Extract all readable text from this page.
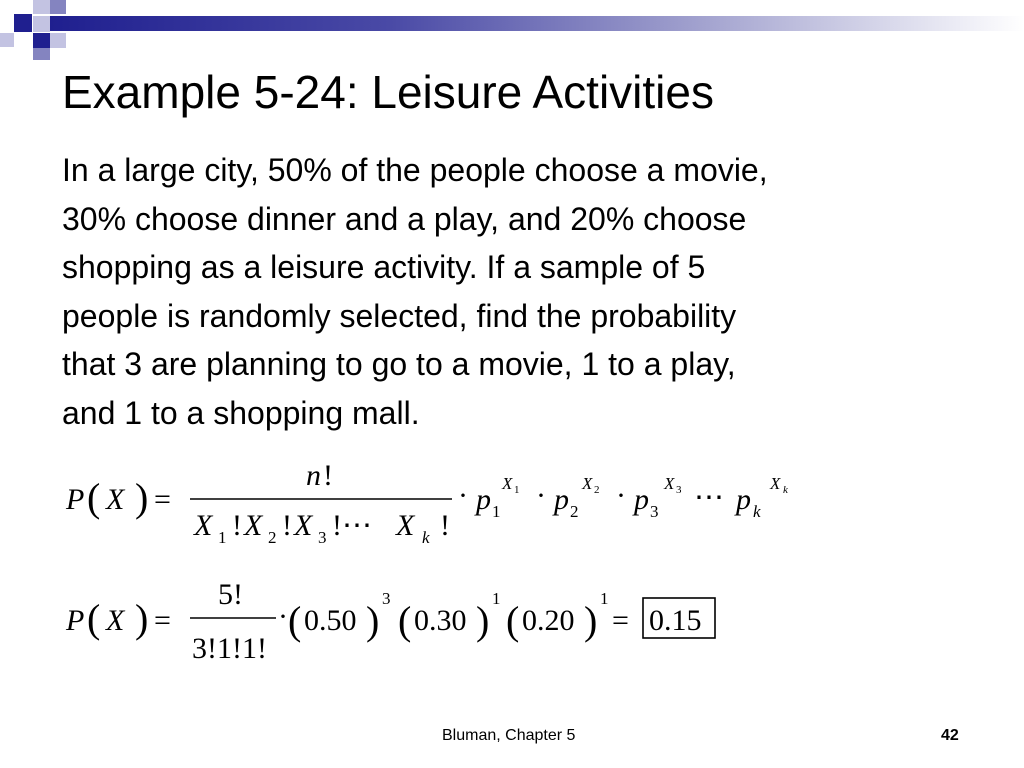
Example 5-24: Leisure Activities

In a large city, 50% of the people choose a movie,
30% choose dinner and a play, and 20% choose
shopping as a leisure activity. If a sample of 5
people is randomly selected, find the probability
that 3 are planning to go to a movie, 1 to a play,
and 1 to a shopping mall.

P ( X ) =
n !
X 1 ! X 2 ! X 3 ! ⋯ X k !
· p 1
X 1 · p 2
X 2 · p 3
X 3 ⋯ p k
X k
P ( X ) =
5!
3!1!1!
· ( 0.50 ) 3 ( 0.30 ) 1 ( 0.20 ) 1
= 0.15
Bluman, Chapter 5	42
